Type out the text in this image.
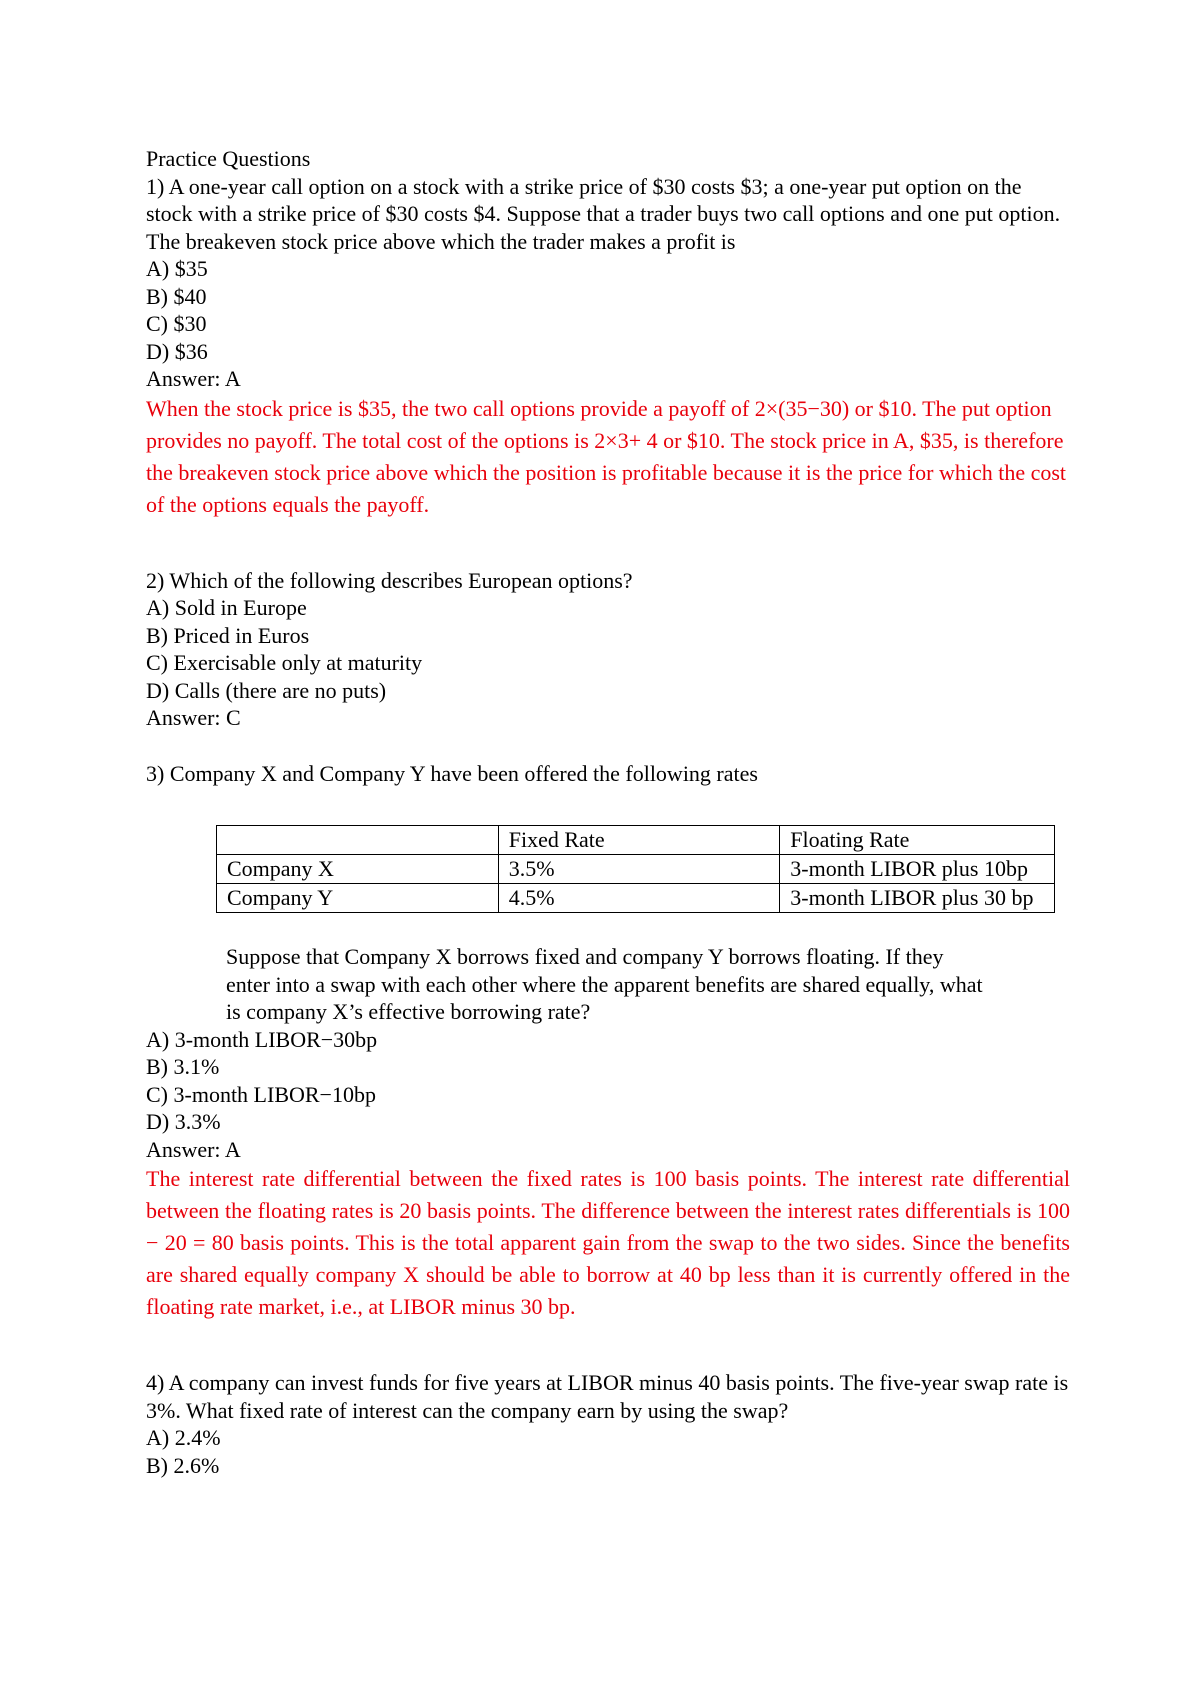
Practice Questions

1) A one-year call option on a stock with a strike price of $30 costs $3; a one-year put option on the stock with a strike price of $30 costs $4. Suppose that a trader buys two call options and one put option. The breakeven stock price above which the trader makes a profit is

A) $35

B) $40

C) $30

D) $36

Answer: A

When the stock price is $35, the two call options provide a payoff of 2×(35−30) or $10. The put option provides no payoff. The total cost of the options is 2×3+ 4 or $10. The stock price in A, $35, is therefore the breakeven stock price above which the position is profitable because it is the price for which the cost of the options equals the payoff.

2) Which of the following describes European options?

A) Sold in Europe

B) Priced in Euros

C) Exercisable only at maturity

D) Calls (there are no puts)

Answer: C

3) Company X and Company Y have been offered the following rates

	Fixed Rate	Floating Rate
Company X	3.5%	3-month LIBOR plus 10bp
Company Y	4.5%	3-month LIBOR plus 30 bp

Suppose that Company X borrows fixed and company Y borrows floating. If they enter into a swap with each other where the apparent benefits are shared equally, what is company X’s effective borrowing rate?

A) 3-month LIBOR−30bp

B) 3.1%

C) 3-month LIBOR−10bp

D) 3.3%

Answer: A

The interest rate differential between the fixed rates is 100 basis points. The interest rate differential between the floating rates is 20 basis points. The difference between the interest rates differentials is 100 − 20 = 80 basis points. This is the total apparent gain from the swap to the two sides. Since the benefits are shared equally company X should be able to borrow at 40 bp less than it is currently offered in the floating rate market, i.e., at LIBOR minus 30 bp.

4) A company can invest funds for five years at LIBOR minus 40 basis points. The five-year swap rate is 3%. What fixed rate of interest can the company earn by using the swap?

A) 2.4%

B) 2.6%
